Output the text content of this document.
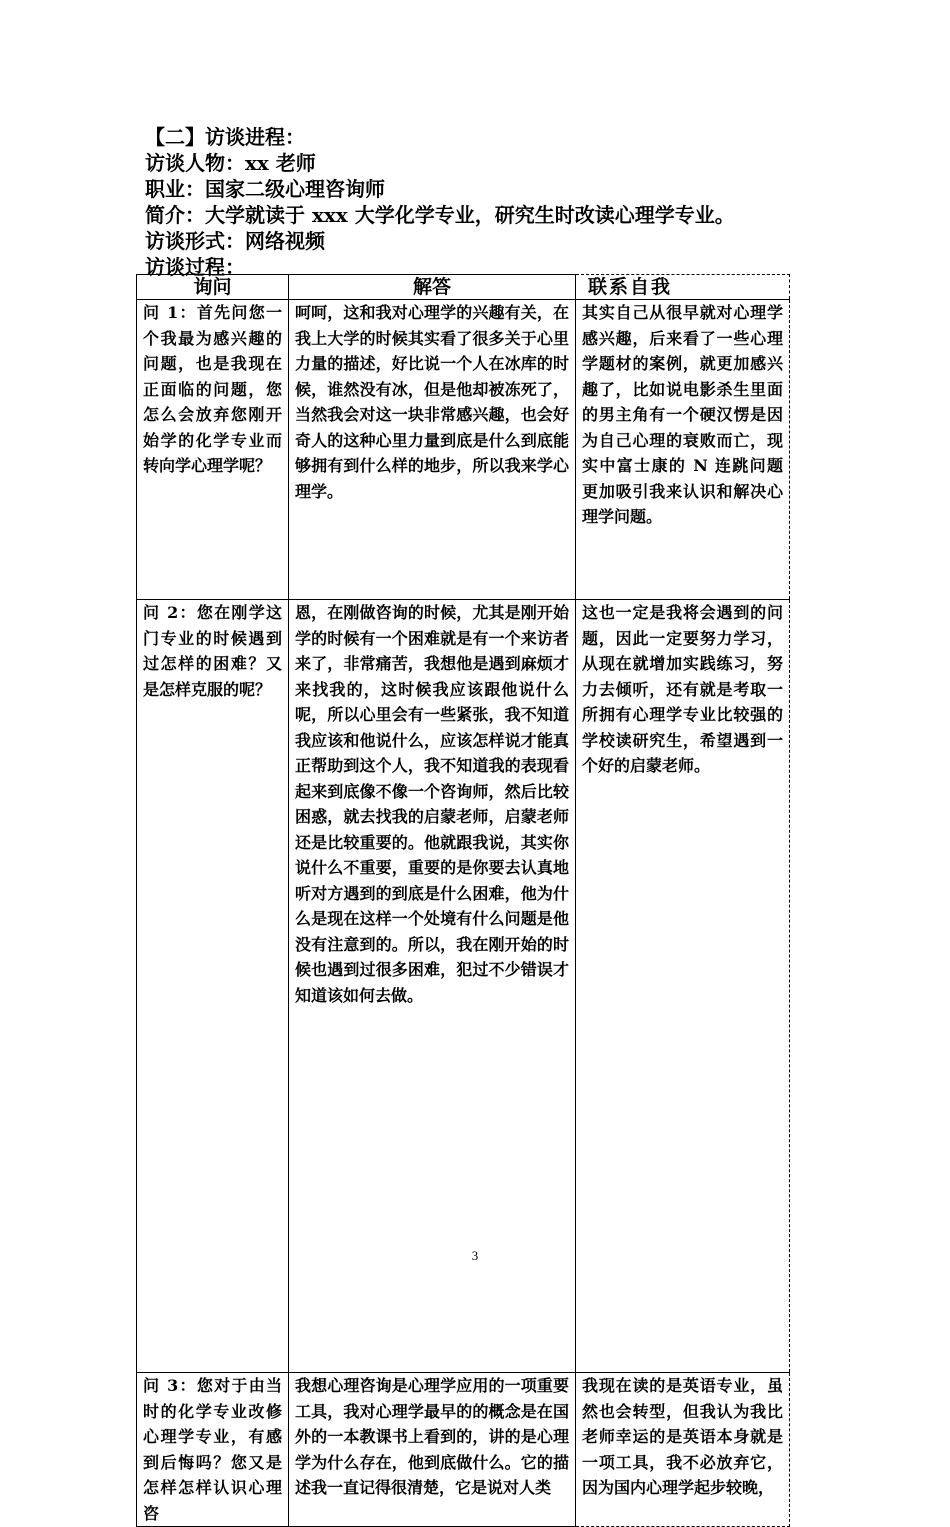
【二】访谈进程：
访谈人物：xx 老师
职业：国家二级心理咨询师
简介：大学就读于 xxx 大学化学专业，研究生时改读心理学专业。
访谈形式：网络视频
访谈过程：
询问	解答	联系自我

问 1：首先问您一个我最为感兴趣的问题，也是我现在正面临的问题，您怎么会放弃您刚开始学的化学专业而转向学心理学呢？	呵呵，这和我对心理学的兴趣有关，在我上大学的时候其实看了很多关于心里力量的描述，好比说一个人在冰库的时候，谁然没有冰，但是他却被冻死了，当然我会对这一块非常感兴趣，也会好奇人的这种心里力量到底是什么到底能够拥有到什么样的地步，所以我来学心理学。	其实自己从很早就对心理学感兴趣，后来看了一些心理学题材的案例，就更加感兴趣了，比如说电影杀生里面的男主角有一个硬汉愣是因为自己心理的衰败而亡，现实中富士康的 N 连跳问题更加吸引我来认识和解决心理学问题。

问 2：您在刚学这门专业的时候遇到过怎样的困难？又是怎样克服的呢？	恩，在刚做咨询的时候，尤其是刚开始学的时候有一个困难就是有一个来访者来了，非常痛苦，我想他是遇到麻烦才来找我的，这时候我应该跟他说什么呢，所以心里会有一些紧张，我不知道我应该和他说什么，应该怎样说才能真正帮助到这个人，我不知道我的表现看起来到底像不像一个咨询师，然后比较困惑，就去找我的启蒙老师，启蒙老师还是比较重要的。他就跟我说，其实你说什么不重要，重要的是你要去认真地听对方遇到的到底是什么困难，他为什么是现在这样一个处境有什么问题是他没有注意到的。所以，我在刚开始的时候也遇到过很多困难，犯过不少错误才知道该如何去做。	这也一定是我将会遇到的问题，因此一定要努力学习，从现在就增加实践练习，努力去倾听，还有就是考取一所拥有心理学专业比较强的学校读研究生，希望遇到一个好的启蒙老师。

问 3：您对于由当时的化学专业改修心理学专业，有感到后悔吗？您又是怎样怎样认识心理咨	我想心理咨询是心理学应用的一项重要工具，我对心理学最早的的概念是在国外的一本教课书上看到的，讲的是心理学为什么存在，他到底做什么。它的描述我一直记得很清楚，它是说对人类	我现在读的是英语专业，虽然也会转型，但我认为我比老师幸运的是英语本身就是一项工具，我不必放弃它，因为国内心理学起步较晚，
3
